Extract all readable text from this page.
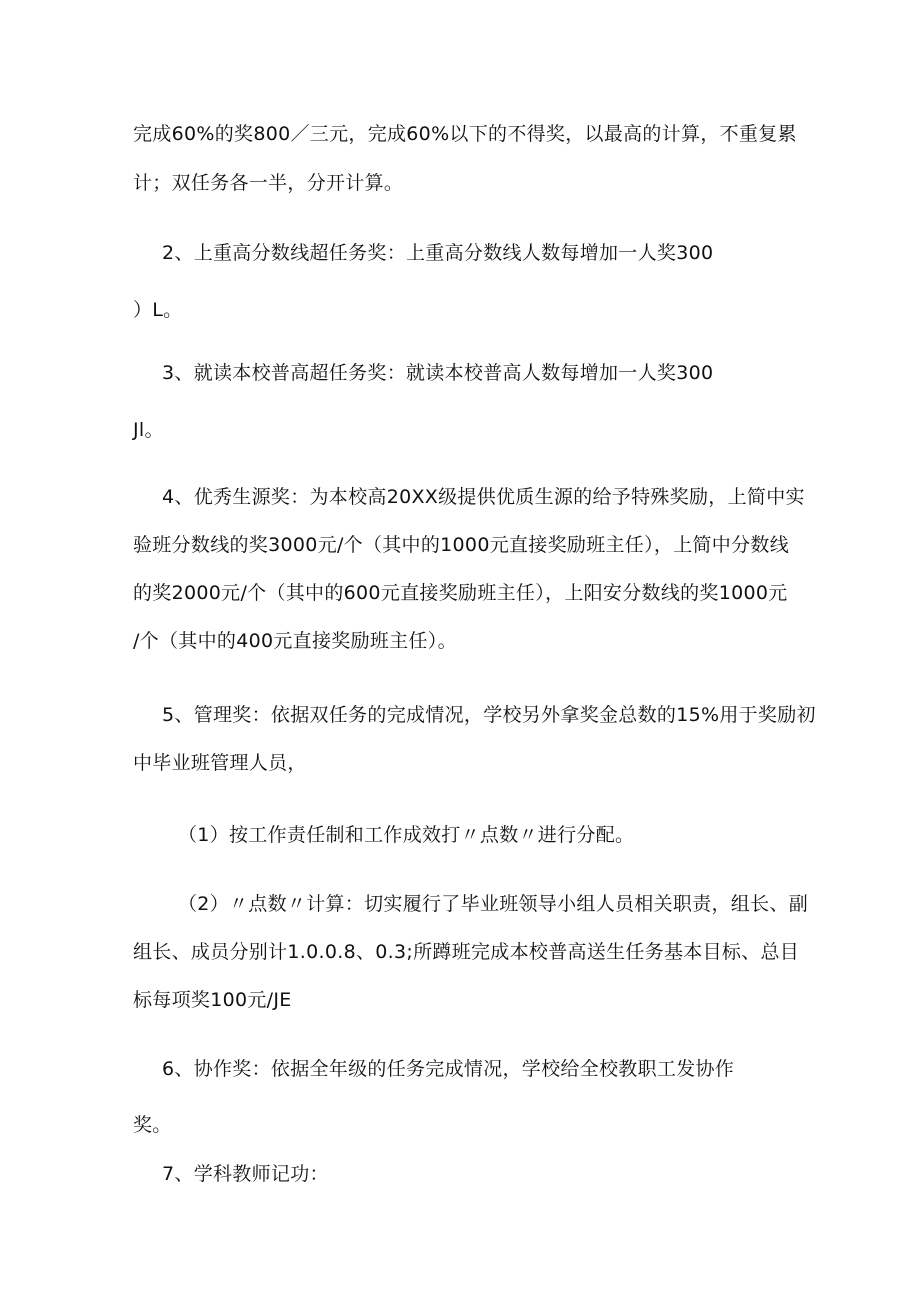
完成60%的奖800／三元，完成60%以下的不得奖，以最高的计算，不重复累
计；双任务各一半，分开计算。
2、上重高分数线超任务奖：上重高分数线人数每增加一人奖300
）L。
3、就读本校普高超任务奖：就读本校普高人数每增加一人奖300
Jl。
4、优秀生源奖：为本校高20XX级提供优质生源的给予特殊奖励，上简中实
验班分数线的奖3000元/个（其中的1000元直接奖励班主任），上简中分数线
的奖2000元/个（其中的600元直接奖励班主任），上阳安分数线的奖1000元
/个（其中的400元直接奖励班主任）。
5、管理奖：依据双任务的完成情况，学校另外拿奖金总数的15%用于奖励初
中毕业班管理人员，
（1）按工作责任制和工作成效打〃点数〃进行分配。
（2）〃点数〃计算：切实履行了毕业班领导小组人员相关职责，组长、副
组长、成员分别计1.0.0.8、0.3;所蹲班完成本校普高送生任务基本目标、总目
标每项奖100元/JE
6、协作奖：依据全年级的任务完成情况，学校给全校教职工发协作
奖。
7、学科教师记功：
